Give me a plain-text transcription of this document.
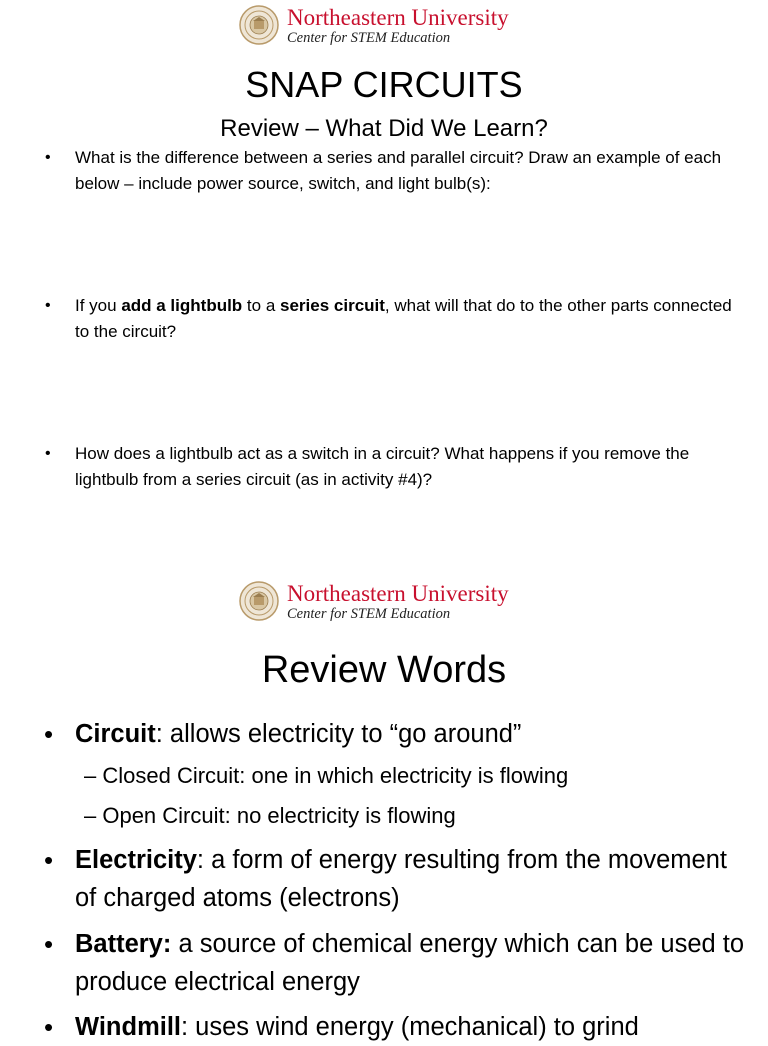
Northeastern University
Center for STEM Education
SNAP CIRCUITS
Review – What Did We Learn?
• What is the difference between a series and parallel circuit? Draw an example of each below – include power source, switch, and light bulb(s):
• If you add a lightbulb to a series circuit, what will that do to the other parts connected to the circuit?
• How does a lightbulb act as a switch in a circuit? What happens if you remove the lightbulb from a series circuit (as in activity #4)?
Northeastern University
Center for STEM Education
Review Words
• Circuit: allows electricity to “go around”
– Closed Circuit: one in which electricity is flowing
– Open Circuit: no electricity is flowing
• Electricity: a form of energy resulting from the movement of charged atoms (electrons)
• Battery: a source of chemical energy which can be used to produce electrical energy
• Windmill: uses wind energy (mechanical) to grind
